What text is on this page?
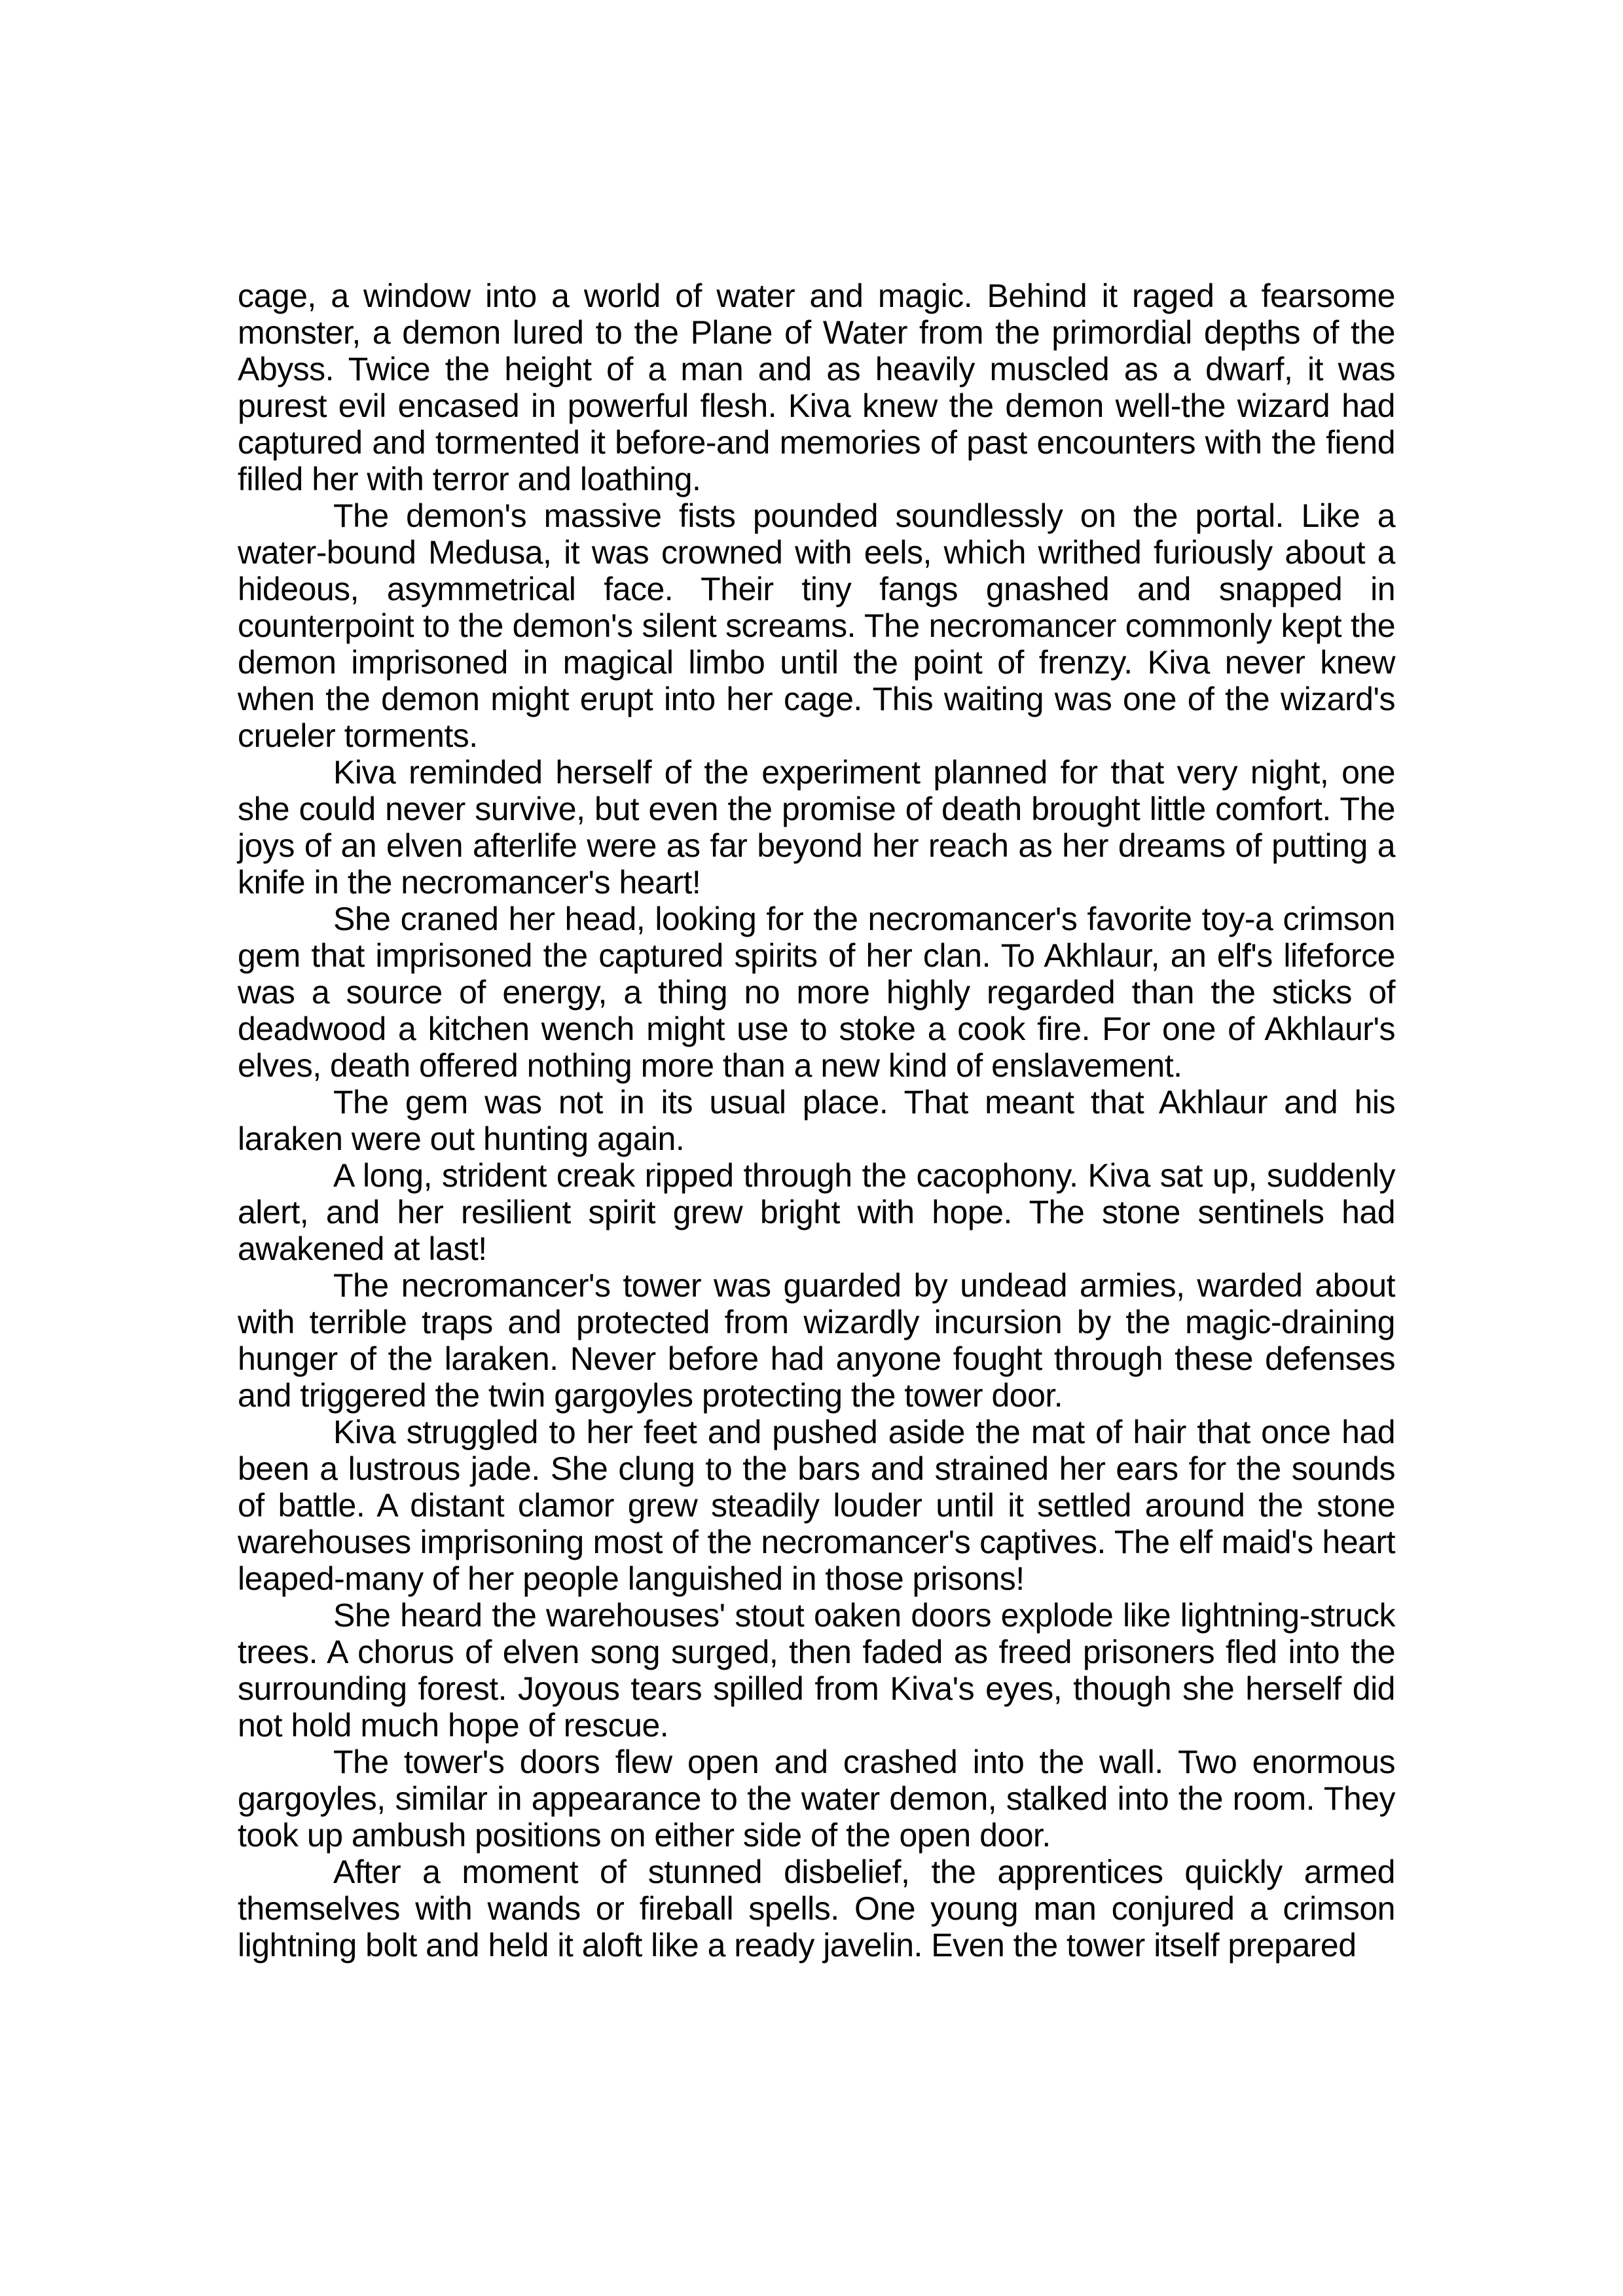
cage, a window into a world of water and magic. Behind it raged a fearsome monster, a demon lured to the Plane of Water from the primordial depths of the Abyss. Twice the height of a man and as heavily muscled as a dwarf, it was purest evil encased in powerful flesh. Kiva knew the demon well-the wizard had captured and tormented it before-and memories of past encounters with the fiend filled her with terror and loathing.

The demon's massive fists pounded soundlessly on the portal. Like a water-bound Medusa, it was crowned with eels, which writhed furiously about a hideous, asymmetrical face. Their tiny fangs gnashed and snapped in counterpoint to the demon's silent screams. The necromancer commonly kept the demon imprisoned in magical limbo until the point of frenzy. Kiva never knew when the demon might erupt into her cage. This waiting was one of the wizard's crueler torments.

Kiva reminded herself of the experiment planned for that very night, one she could never survive, but even the promise of death brought little comfort. The joys of an elven afterlife were as far beyond her reach as her dreams of putting a knife in the necromancer's heart!

She craned her head, looking for the necromancer's favorite toy-a crimson gem that imprisoned the captured spirits of her clan. To Akhlaur, an elf's lifeforce was a source of energy, a thing no more highly regarded than the sticks of deadwood a kitchen wench might use to stoke a cook fire. For one of Akhlaur's elves, death offered nothing more than a new kind of enslavement.

The gem was not in its usual place. That meant that Akhlaur and his laraken were out hunting again.

A long, strident creak ripped through the cacophony. Kiva sat up, suddenly alert, and her resilient spirit grew bright with hope. The stone sentinels had awakened at last!

The necromancer's tower was guarded by undead armies, warded about with terrible traps and protected from wizardly incursion by the magic-draining hunger of the laraken. Never before had anyone fought through these defenses and triggered the twin gargoyles protecting the tower door.

Kiva struggled to her feet and pushed aside the mat of hair that once had been a lustrous jade. She clung to the bars and strained her ears for the sounds of battle. A distant clamor grew steadily louder until it settled around the stone warehouses imprisoning most of the necromancer's captives. The elf maid's heart leaped-many of her people languished in those prisons!

She heard the warehouses' stout oaken doors explode like lightning-struck trees. A chorus of elven song surged, then faded as freed prisoners fled into the surrounding forest. Joyous tears spilled from Kiva's eyes, though she herself did not hold much hope of rescue.

The tower's doors flew open and crashed into the wall. Two enormous gargoyles, similar in appearance to the water demon, stalked into the room. They took up ambush positions on either side of the open door.

After a moment of stunned disbelief, the apprentices quickly armed themselves with wands or fireball spells. One young man conjured a crimson lightning bolt and held it aloft like a ready javelin. Even the tower itself prepared
